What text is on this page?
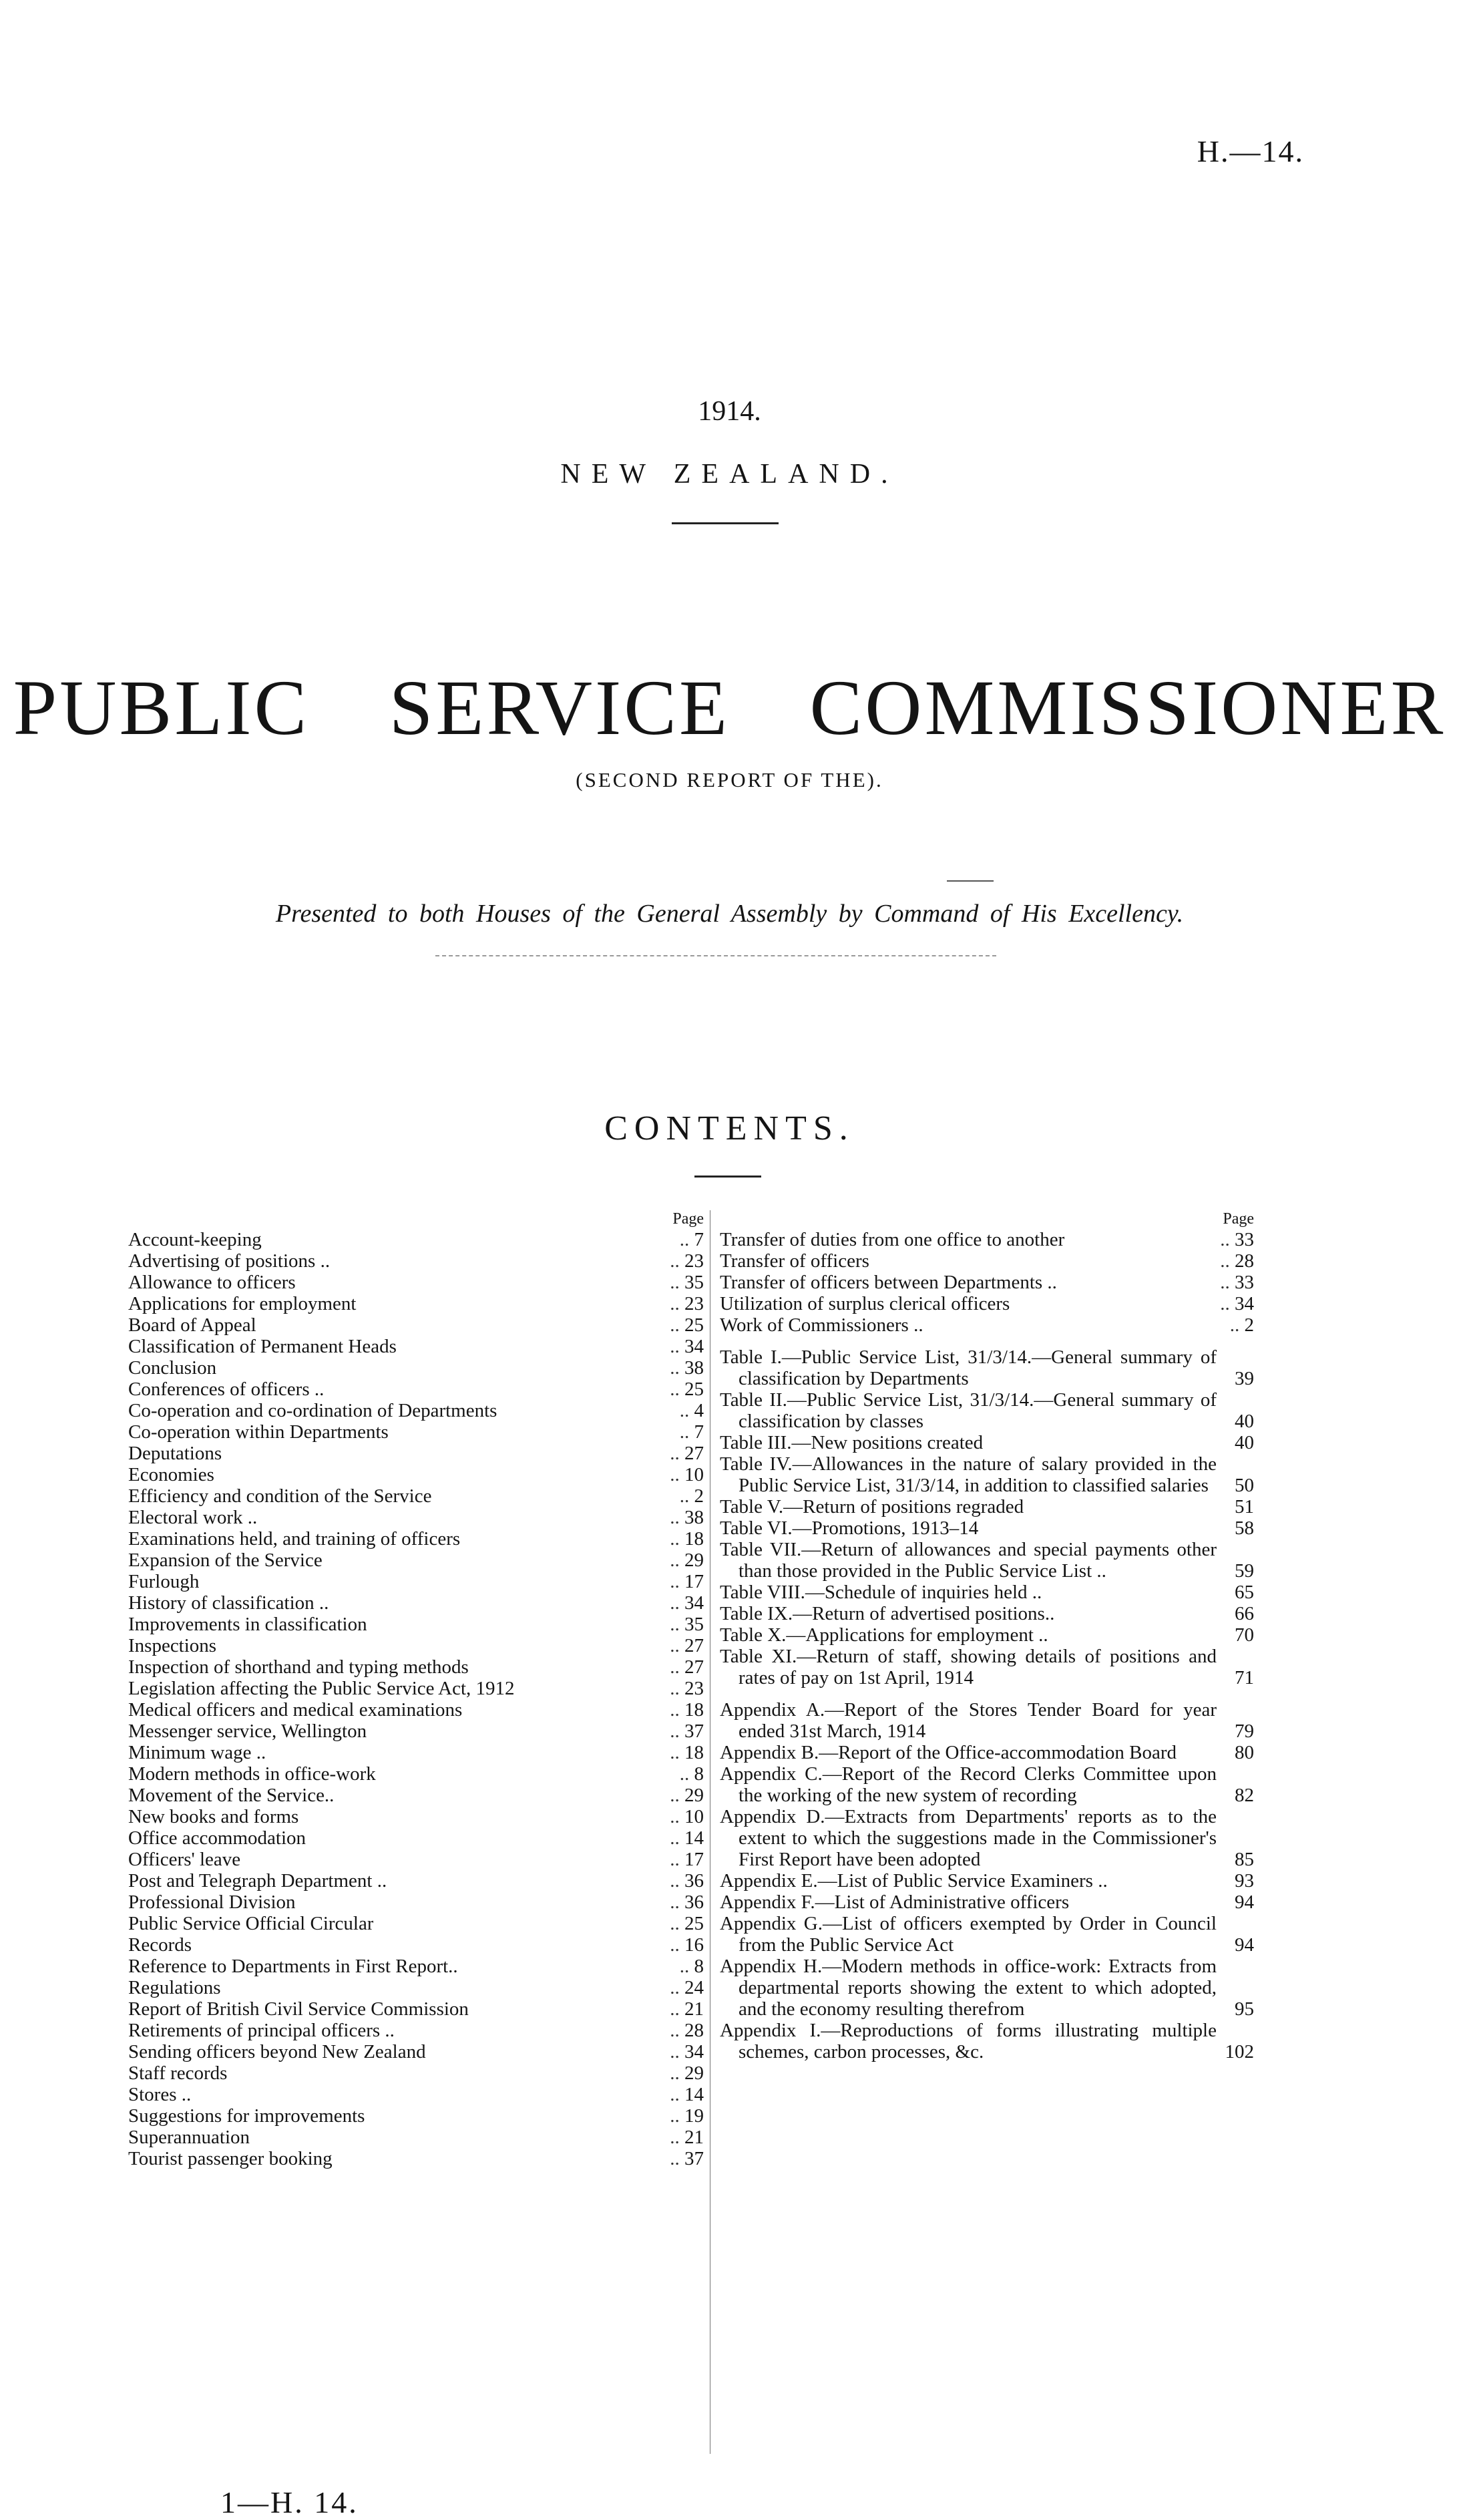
H.—14.
1914.
NEW ZEALAND.
PUBLIC SERVICE COMMISSIONER
(SECOND REPORT OF THE).
Presented to both Houses of the General Assembly by Command of His Excellency.
CONTENTS.
Page
Account-keeping	.. 7
Advertising of positions ..	.. 23
Allowance to officers	.. 35
Applications for employment	.. 23
Board of Appeal	.. 25
Classification of Permanent Heads	.. 34
Conclusion	.. 38
Conferences of officers ..	.. 25
Co-operation and co-ordination of Departments	.. 4
Co-operation within Departments	.. 7
Deputations	.. 27
Economies	.. 10
Efficiency and condition of the Service	.. 2
Electoral work ..	.. 38
Examinations held, and training of officers	.. 18
Expansion of the Service	.. 29
Furlough	.. 17
History of classification ..	.. 34
Improvements in classification	.. 35
Inspections	.. 27
Inspection of shorthand and typing methods	.. 27
Legislation affecting the Public Service Act, 1912	.. 23
Medical officers and medical examinations	.. 18
Messenger service, Wellington	.. 37
Minimum wage ..	.. 18
Modern methods in office-work	.. 8
Movement of the Service..	.. 29
New books and forms	.. 10
Office accommodation	.. 14
Officers' leave	.. 17
Post and Telegraph Department ..	.. 36
Professional Division	.. 36
Public Service Official Circular	.. 25
Records	.. 16
Reference to Departments in First Report..	.. 8
Regulations	.. 24
Report of British Civil Service Commission	.. 21
Retirements of principal officers ..	.. 28
Sending officers beyond New Zealand	.. 34
Staff records	.. 29
Stores ..	.. 14
Suggestions for improvements	.. 19
Superannuation	.. 21
Tourist passenger booking	.. 37
Page
Transfer of duties from one office to another	.. 33
Transfer of officers	.. 28
Transfer of officers between Departments ..	.. 33
Utilization of surplus clerical officers	.. 34
Work of Commissioners ..	.. 2
Table I.—Public Service List, 31/3/14.—General summary of classification by Departments	39
Table II.—Public Service List, 31/3/14.—General summary of classification by classes	40
Table III.—New positions created	40
Table IV.—Allowances in the nature of salary provided in the Public Service List, 31/3/14, in addition to classified salaries	50
Table V.—Return of positions regraded	51
Table VI.—Promotions, 1913–14	58
Table VII.—Return of allowances and special payments other than those provided in the Public Service List ..	59
Table VIII.—Schedule of inquiries held ..	65
Table IX.—Return of advertised positions..	66
Table X.—Applications for employment ..	70
Table XI.—Return of staff, showing details of positions and rates of pay on 1st April, 1914	71
Appendix A.—Report of the Stores Tender Board for year ended 31st March, 1914	79
Appendix B.—Report of the Office-accommodation Board	80
Appendix C.—Report of the Record Clerks Committee upon the working of the new system of recording	82
Appendix D.—Extracts from Departments' reports as to the extent to which the suggestions made in the Commissioner's First Report have been adopted	85
Appendix E.—List of Public Service Examiners ..	93
Appendix F.—List of Administrative officers	94
Appendix G.—List of officers exempted by Order in Council from the Public Service Act	94
Appendix H.—Modern methods in office-work: Extracts from departmental reports showing the extent to which adopted, and the economy resulting therefrom	95
Appendix I.—Reproductions of forms illustrating multiple schemes, carbon processes, &c.	102
1—H. 14.
